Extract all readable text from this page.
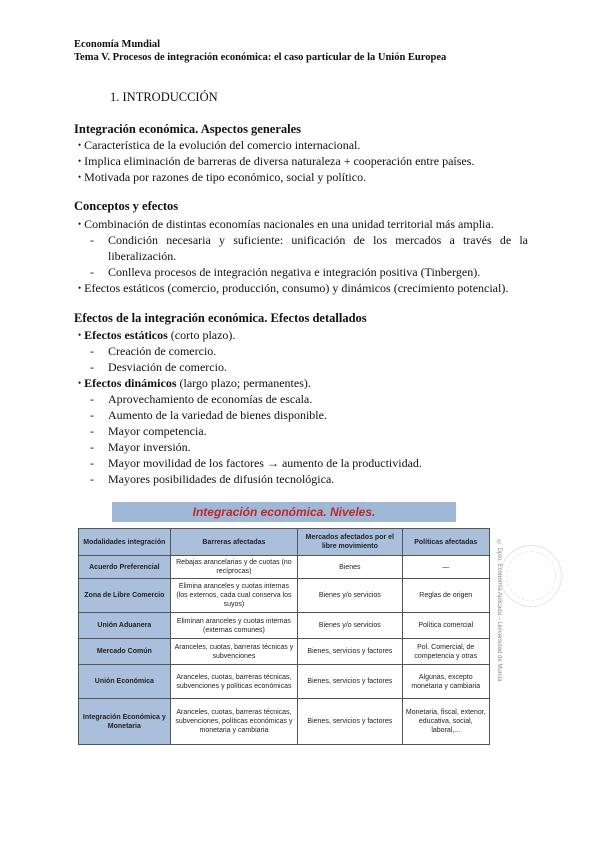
Economía Mundial
Tema V. Procesos de integración económica: el caso particular de la Unión Europea
1. INTRODUCCIÓN
Integración económica. Aspectos generales
• Característica de la evolución del comercio internacional.
• Implica eliminación de barreras de diversa naturaleza + cooperación entre países.
• Motivada por razones de tipo económico, social y político.
Conceptos y efectos
• Combinación de distintas economías nacionales en una unidad territorial más amplia.
- Condición necesaria y suficiente: unificación de los mercados a través de la liberalización.
- Conlleva procesos de integración negativa e integración positiva (Tinbergen).
• Efectos estáticos (comercio, producción, consumo) y dinámicos (crecimiento potencial).
Efectos de la integración económica. Efectos detallados
• Efectos estáticos (corto plazo).
- Creación de comercio.
- Desviación de comercio.
• Efectos dinámicos (largo plazo; permanentes).
- Aprovechamiento de economías de escala.
- Aumento de la variedad de bienes disponible.
- Mayor competencia.
- Mayor inversión.
- Mayor movilidad de los factores → aumento de la productividad.
- Mayores posibilidades de difusión tecnológica.
Integración económica. Niveles.
Modalidades integración	Barreras afectadas	Mercados afectados por el libre movimiento	Políticas afectadas
Acuerdo Preferencial	Rebajas arancelarias y de cuotas (no recíprocas)	Bienes	—
Zona de Libre Comercio	Elimina aranceles y cuotas internas (los externos, cada cual conserva los suyos)	Bienes y/o servicios	Reglas de origen
Unión Aduanera	Eliminan aranceles y cuotas internas (externas comunes)	Bienes y/o servicios	Política comercial
Mercado Común	Aranceles, cuotas, barreras técnicas y subvenciones	Bienes, servicios y factores	Pol. Comercial, de competencia y otras
Unión Económica	Aranceles, cuotas, barreras técnicas, subvenciones y políticas económicas	Bienes, servicios y factores	Algunas, excepto monetaria y cambiaria
Integración Económica y Monetaria	Aranceles, cuotas, barreras técnicas, subvenciones, políticas económicas y monetaria y cambiaria	Bienes, servicios y factores	Monetaria, fiscal, exterior, educativa, social, laboral,...
© Dpto. Economía Aplicada – Universidad de Murcia
